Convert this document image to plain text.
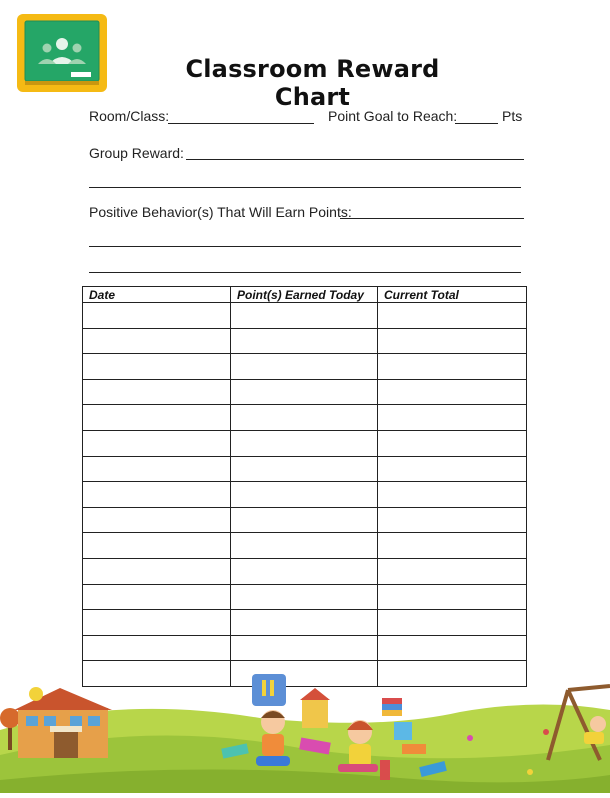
Classroom Reward Chart
Room/Class:	Point Goal to Reach:	Pts
Group Reward:
Positive Behavior(s) That Will Earn Points:
Date	Point(s) Earned Today	Current Total
